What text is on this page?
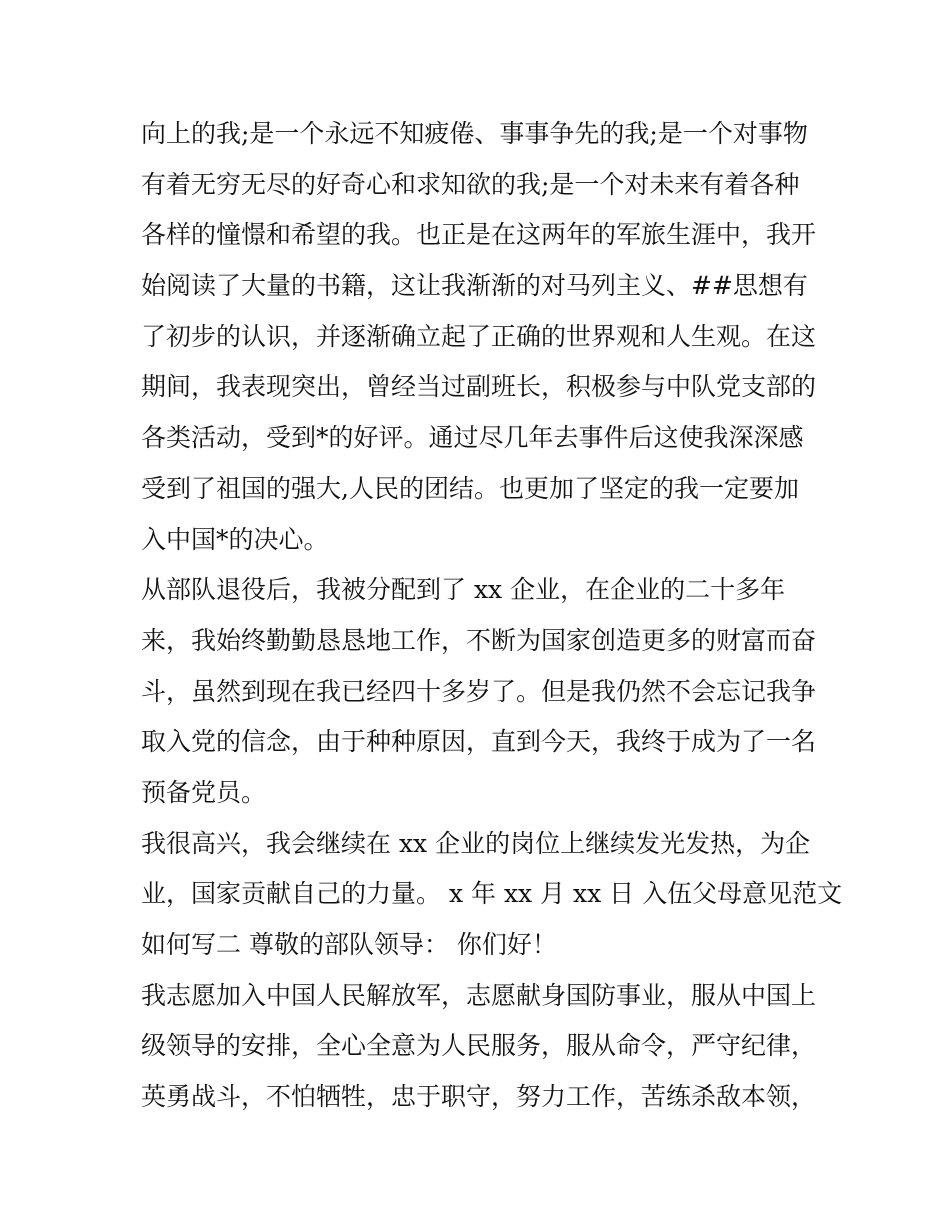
向上的我;是一个永远不知疲倦、事事争先的我;是一个对事物
有着无穷无尽的好奇心和求知欲的我;是一个对未来有着各种
各样的憧憬和希望的我。也正是在这两年的军旅生涯中，我开
始阅读了大量的书籍，这让我渐渐的对马列主义、##思想有
了初步的认识，并逐渐确立起了正确的世界观和人生观。在这
期间，我表现突出，曾经当过副班长，积极参与中队党支部的
各类活动，受到*的好评。通过尽几年去事件后这使我深深感
受到了祖国的强大,人民的团结。也更加了坚定的我一定要加
入中国*的决心。
从部队退役后，我被分配到了 xx 企业，在企业的二十多年
来，我始终勤勤恳恳地工作，不断为国家创造更多的财富而奋
斗，虽然到现在我已经四十多岁了。但是我仍然不会忘记我争
取入党的信念，由于种种原因，直到今天，我终于成为了一名
预备党员。
我很高兴，我会继续在 xx 企业的岗位上继续发光发热，为企
业，国家贡献自己的力量。 x 年 xx 月 xx 日 入伍父母意见范文
如何写二 尊敬的部队领导： 你们好！
我志愿加入中国人民解放军，志愿献身国防事业，服从中国上
级领导的安排，全心全意为人民服务，服从命令，严守纪律，
英勇战斗，不怕牺牲，忠于职守，努力工作，苦练杀敌本领，
